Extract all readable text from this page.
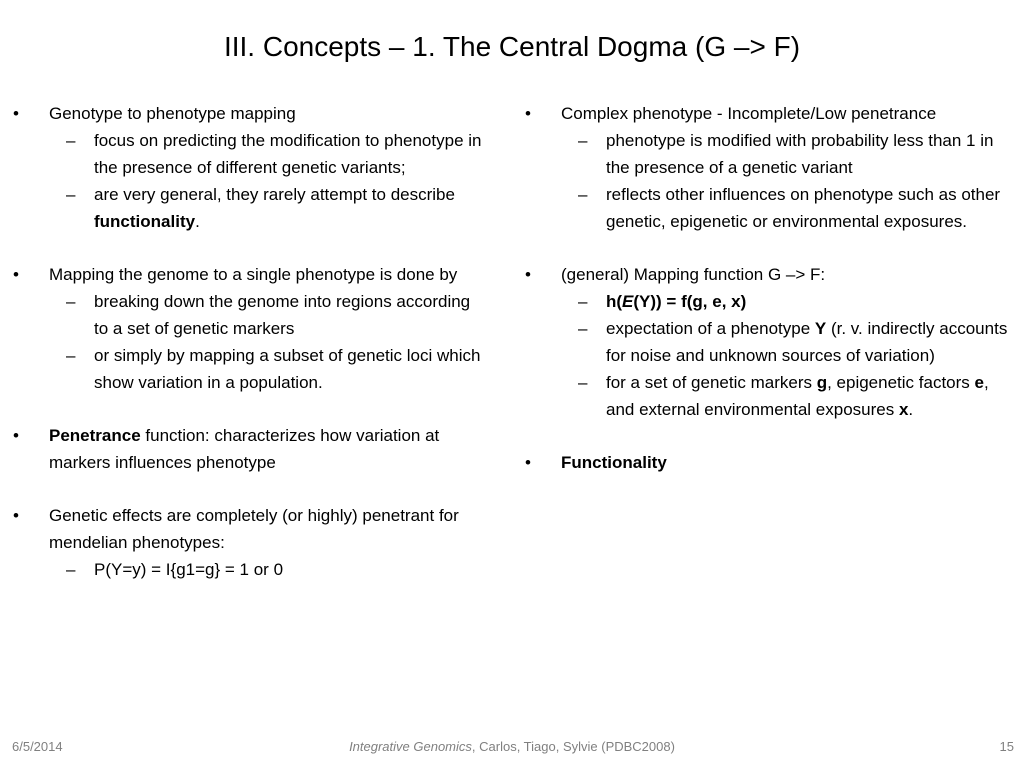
III. Concepts – 1. The Central Dogma (G –> F)
• Genotype to phenotype mapping
–	focus on predicting the modification to phenotype in the presence of different genetic variants;
–	are very general, they rarely attempt to describe functionality.
• Mapping the genome to a single phenotype is done by
–	breaking down the genome into regions according to a set of genetic markers
–	or simply by mapping a subset of genetic loci which show variation in a population.
• Penetrance function: characterizes how variation at markers influences phenotype
• Genetic effects are completely (or highly) penetrant for mendelian phenotypes:
–	P(Y=y) = I{g1=g} = 1 or 0
• Complex phenotype - Incomplete/Low penetrance
–	phenotype is modified with probability less than 1 in the presence of a genetic variant
–	reflects other influences on phenotype such as other genetic, epigenetic or environmental exposures.
• (general) Mapping function G –> F:
–	h(E(Y)) = f(g, e, x)
–	expectation of a phenotype Y (r. v. indirectly accounts for noise and unknown sources of variation)
–	for a set of genetic markers g, epigenetic factors e, and external environmental exposures x.
• Functionality
6/5/2014	Integrative Genomics, Carlos, Tiago, Sylvie (PDBC2008)	15
